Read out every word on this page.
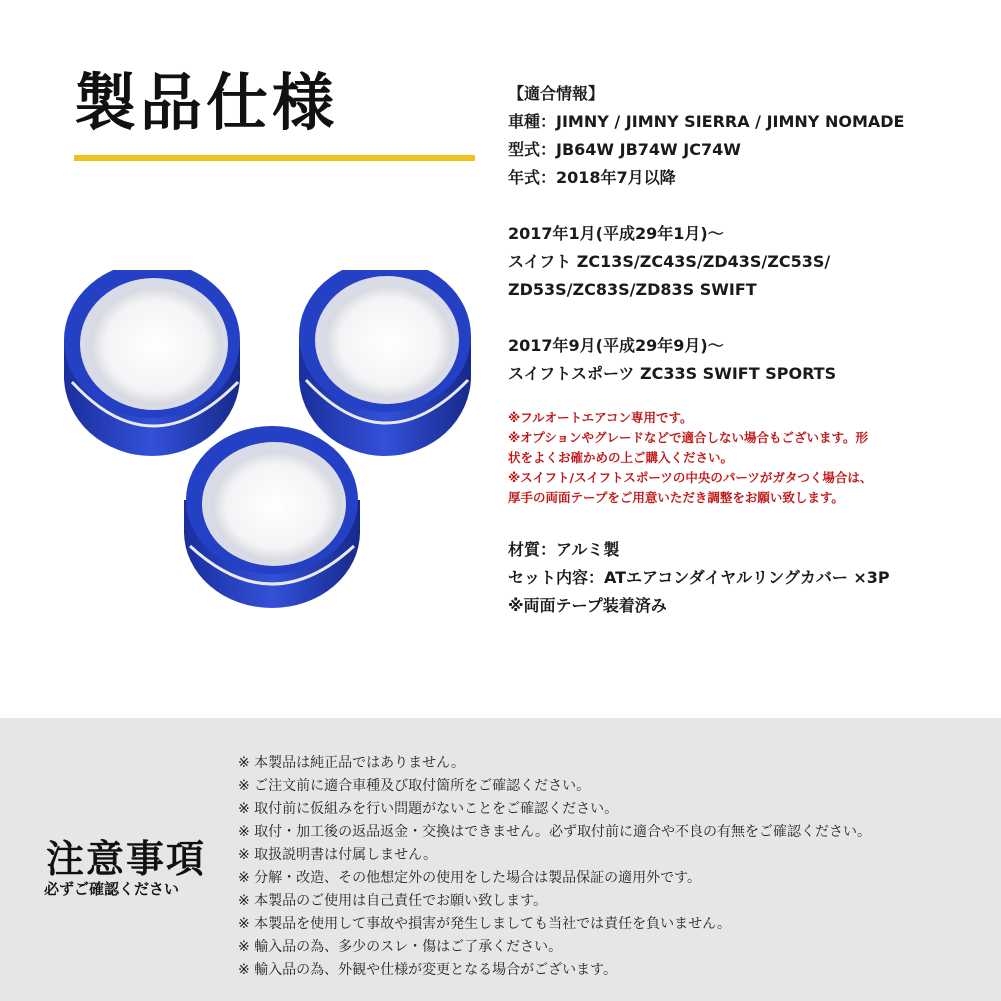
製品仕様	【適合情報】
車種：JIMNY / JIMNY SIERRA / JIMNY NOMADE
型式：JB64W JB74W JC74W
年式：2018年7月以降
2017年1月(平成29年1月)～
スイフト ZC13S/ZC43S/ZD43S/ZC53S/
ZD53S/ZC83S/ZD83S SWIFT
2017年9月(平成29年9月)～
スイフトスポーツ ZC33S SWIFT SPORTS
※フルオートエアコン専用です。
※オプションやグレードなどで適合しない場合もございます。形
状をよくお確かめの上ご購入ください。
※スイフト/スイフトスポーツの中央のパーツがガタつく場合は、
厚手の両面テープをご用意いただき調整をお願い致します。
材質：アルミ製
セット内容：ATエアコンダイヤルリングカバー ×3P
※両面テープ装着済み
注意事項
必ずご確認ください
※ 本製品は純正品ではありません。
※ ご注文前に適合車種及び取付箇所をご確認ください。
※ 取付前に仮組みを行い問題がないことをご確認ください。
※ 取付・加工後の返品返金・交換はできません。必ず取付前に適合や不良の有無をご確認ください。
※ 取扱説明書は付属しません。
※ 分解・改造、その他想定外の使用をした場合は製品保証の適用外です。
※ 本製品のご使用は自己責任でお願い致します。
※ 本製品を使用して事故や損害が発生しましても当社では責任を負いません。
※ 輸入品の為、多少のスレ・傷はご了承ください。
※ 輸入品の為、外観や仕様が変更となる場合がございます。
